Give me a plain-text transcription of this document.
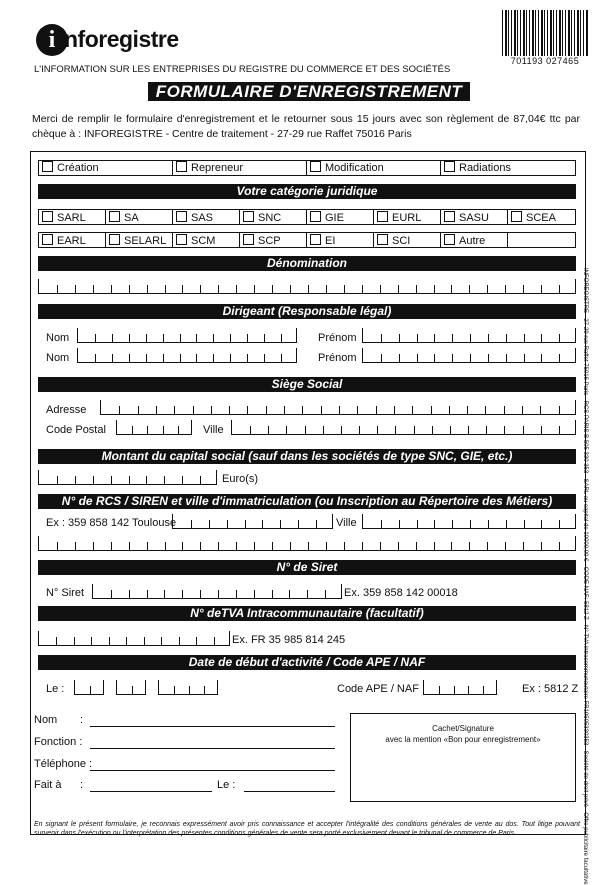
i nforegistre
L'INFORMATION SUR LES ENTREPRISES DU REGISTRE DU COMMERCE ET DES SOCIÉTÉS
701193 027465
FORMULAIRE D'ENREGISTREMENT
Merci de remplir le formulaire d'enregistrement et le retourner sous 15 jours avec son règlement de 87,04€ ttc par chèque à : INFOREGISTRE - Centre de traitement - 27-29 rue Raffet 75016 Paris
Création	Repreneur	Modification	Radiations
Votre catégorie juridique
SARL	SA	SAS	SNC	GIE	EURL	SASU	SCEA
EARL	SELARL	SCM	SCP	EI	SCI	Autre
Dénomination
Dirigeant (Responsable légal)
Nom	Prénom
Nom	Prénom
Siège Social
Adresse
Code Postal	Ville
Montant du capital social (sauf dans les sociétés de type SNC, GIE, etc.)
Euro(s)
N° de RCS / SIREN et ville d'immatriculation (ou Inscription au Répertoire des Métiers)
Ex : 359 858 142 Toulouse	Ville
N° de Siret
N° Siret	Ex. 359 858 142 00018
N° deTVA Intracommunautaire (facultatif)
Ex. FR 35 985 814 245
Date de début d'activité / Code APE / NAF
Le :	Code APE / NAF	Ex : 5812 Z
Nom :
Fonction :
Téléphone :
Fait à :	Le :
Cachet/Signature
avec la mention «Bon pour enregistrement»
En signant le présent formulaire, je reconnais expressément avoir pris connaissance et accepter l'intégralité des conditions générales de vente au dos. Tout litige pouvant survenir dans l'exécution ou l'interprétation des présentes conditions générales de vente sera porté exclusivement devant le tribunal de commerce de Paris.	INFOREGISTRE - 27-29 rue Raffet 75016 Paris - RCS PARIS B 505 330 353 - SARL au capital de 10000,00 € - CODE NAF: 5812 Z - N° TVA intracommunautaire FR19505330353 - Société de droit privé - Offre publicitaire facultative
